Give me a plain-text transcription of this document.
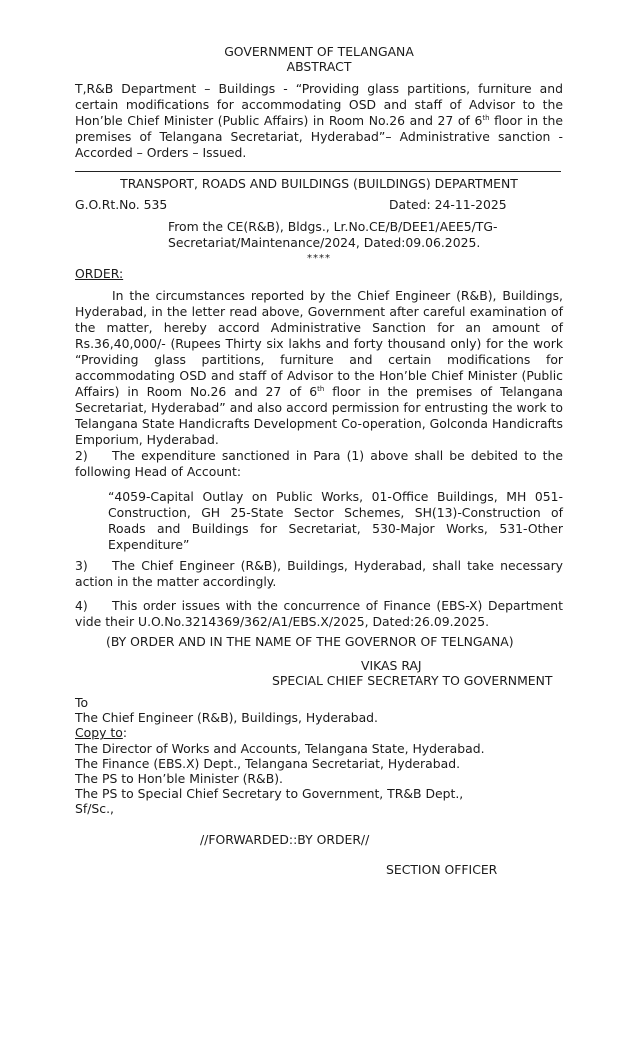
GOVERNMENT OF TELANGANA
ABSTRACT

T,R&B Department – Buildings - “Providing glass partitions, furniture and certain modifications for accommodating OSD and staff of Advisor to the Hon’ble Chief Minister (Public Affairs) in Room No.26 and 27 of 6th floor in the premises of Telangana Secretariat, Hyderabad”– Administrative sanction - Accorded – Orders – Issued.

TRANSPORT, ROADS AND BUILDINGS (BUILDINGS) DEPARTMENT
G.O.Rt.No. 535	Dated: 24-11-2025
From the CE(R&B), Bldgs., Lr.No.CE/B/DEE1/AEE5/TG-Secretariat/Maintenance/2024, Dated:09.06.2025.
****
ORDER:

In the circumstances reported by the Chief Engineer (R&B), Buildings, Hyderabad, in the letter read above, Government after careful examination of the matter, hereby accord Administrative Sanction for an amount of Rs.36,40,000/- (Rupees Thirty six lakhs and forty thousand only) for the work “Providing glass partitions, furniture and certain modifications for accommodating OSD and staff of Advisor to the Hon’ble Chief Minister (Public Affairs) in Room No.26 and 27 of 6th floor in the premises of Telangana Secretariat, Hyderabad” and also accord permission for entrusting the work to Telangana State Handicrafts Development Co-operation, Golconda Handicrafts Emporium, Hyderabad.

2) The expenditure sanctioned in Para (1) above shall be debited to the following Head of Account:

“4059-Capital Outlay on Public Works, 01-Office Buildings, MH 051-Construction, GH 25-State Sector Schemes, SH(13)-Construction of Roads and Buildings for Secretariat, 530-Major Works, 531-Other Expenditure”

3) The Chief Engineer (R&B), Buildings, Hyderabad, shall take necessary action in the matter accordingly.

4) This order issues with the concurrence of Finance (EBS-X) Department vide their U.O.No.3214369/362/A1/EBS.X/2025, Dated:26.09.2025.

(BY ORDER AND IN THE NAME OF THE GOVERNOR OF TELNGANA)
VIKAS RAJ
SPECIAL CHIEF SECRETARY TO GOVERNMENT
To
The Chief Engineer (R&B), Buildings, Hyderabad.
Copy to:
The Director of Works and Accounts, Telangana State, Hyderabad.
The Finance (EBS.X) Dept., Telangana Secretariat, Hyderabad.
The PS to Hon’ble Minister (R&B).
The PS to Special Chief Secretary to Government, TR&B Dept.,
Sf/Sc.,
//FORWARDED::BY ORDER//
SECTION OFFICER
